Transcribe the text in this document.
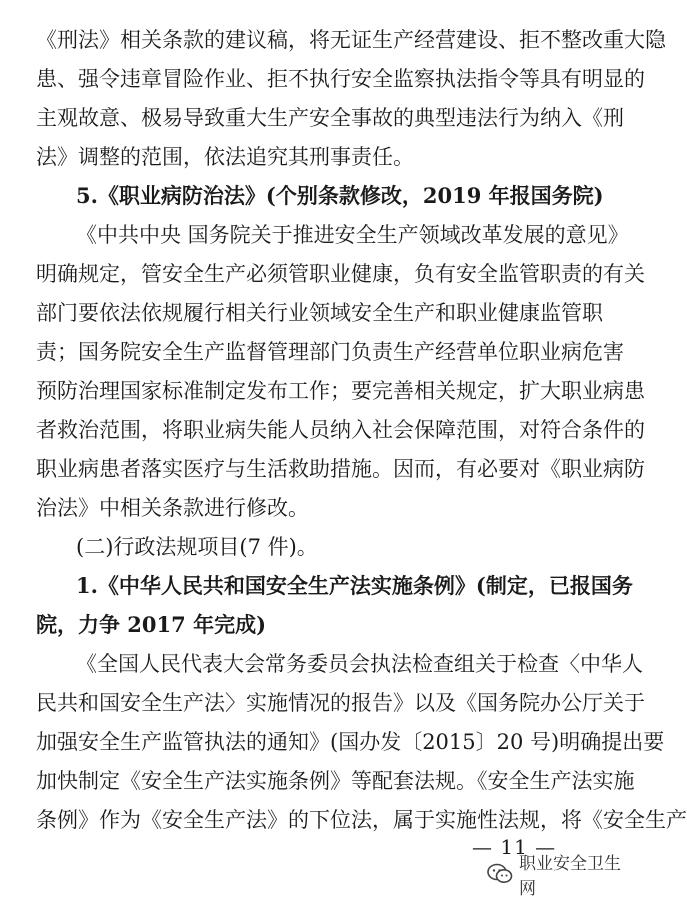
《刑法》相关条款的建议稿，将无证生产经营建设、拒不整改重大隐
患、强令违章冒险作业、拒不执行安全监察执法指令等具有明显的
主观故意、极易导致重大生产安全事故的典型违法行为纳入《刑
法》调整的范围，依法追究其刑事责任。
5.《职业病防治法》(个别条款修改，2019 年报国务院)
《中共中央 国务院关于推进安全生产领域改革发展的意见》
明确规定，管安全生产必须管职业健康，负有安全监管职责的有关
部门要依法依规履行相关行业领域安全生产和职业健康监管职
责；国务院安全生产监督管理部门负责生产经营单位职业病危害
预防治理国家标准制定发布工作；要完善相关规定，扩大职业病患
者救治范围，将职业病失能人员纳入社会保障范围，对符合条件的
职业病患者落实医疗与生活救助措施。因而，有必要对《职业病防
治法》中相关条款进行修改。
(二)行政法规项目(7 件)。
1.《中华人民共和国安全生产法实施条例》(制定，已报国务
院，力争 2017 年完成)
《全国人民代表大会常务委员会执法检查组关于检查〈中华人
民共和国安全生产法〉实施情况的报告》以及《国务院办公厅关于
加强安全生产监管执法的通知》(国办发〔2015〕20 号)明确提出要
加快制定《安全生产法实施条例》等配套法规。《安全生产法实施
条例》作为《安全生产法》的下位法，属于实施性法规，将《安全生产
— 11 —
职业安全卫生网
